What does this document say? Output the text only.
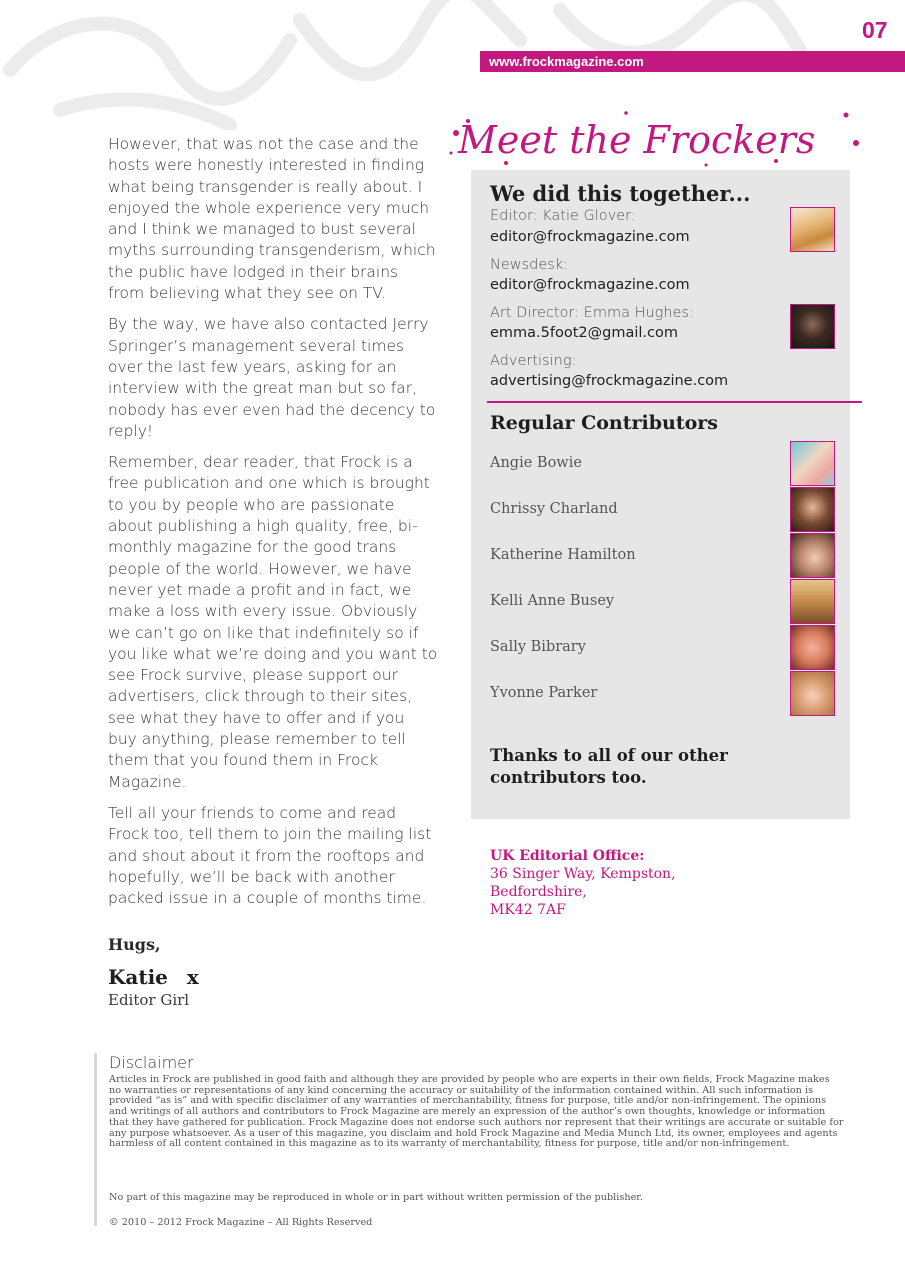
07
www.frockmagazine.com

However, that was not the case and the hosts were honestly interested in finding what being transgender is really about. I enjoyed the whole experience very much and I think we managed to bust several myths surrounding transgenderism, which the public have lodged in their brains from believing what they see on TV.

By the way, we have also contacted Jerry Springer’s management several times over the last few years, asking for an interview with the great man but so far, nobody has ever even had the decency to reply!

Remember, dear reader, that Frock is a free publication and one which is brought to you by people who are passionate about publishing a high quality, free, bi-monthly magazine for the good trans people of the world. However, we have never yet made a profit and in fact, we make a loss with every issue. Obviously we can’t go on like that indefinitely so if you like what we’re doing and you want to see Frock survive, please support our advertisers, click through to their sites, see what they have to offer and if you buy anything, please remember to tell them that you found them in Frock Magazine.

Tell all your friends to come and read Frock too, tell them to join the mailing list and shout about it from the rooftops and hopefully, we’ll be back with another packed issue in a couple of months time.

Hugs,
Katie x
Editor Girl
Meet the Frockers
We did this together...
Editor: Katie Glover:
editor@frockmagazine.com
Newsdesk:
editor@frockmagazine.com
Art Director: Emma Hughes:
emma.5foot2@gmail.com
Advertising:
advertising@frockmagazine.com
Regular Contributors
Angie Bowie
Chrissy Charland
Katherine Hamilton
Kelli Anne Busey
Sally Bibrary
Yvonne Parker
Thanks to all of our other contributors too.
UK Editorial Office:
36 Singer Way, Kempston,
Bedfordshire,
MK42 7AF
Disclaimer
Articles in Frock are published in good faith and although they are provided by people who are experts in their own fields, Frock Magazine makes no warranties or representations of any kind concerning the accuracy or suitability of the information contained within. All such information is provided “as is” and with specific disclaimer of any warranties of merchantability, fitness for purpose, title and/or non-infringement. The opinions and writings of all authors and contributors to Frock Magazine are merely an expression of the author’s own thoughts, knowledge or information that they have gathered for publication. Frock Magazine does not endorse such authors nor represent that their writings are accurate or suitable for any purpose whatsoever. As a user of this magazine, you disclaim and hold Frock Magazine and Media Munch Ltd, its owner, employees and agents harmless of all content contained in this magazine as to its warranty of merchantability, fitness for purpose, title and/or non-infringement.
No part of this magazine may be reproduced in whole or in part without written permission of the publisher.
© 2010 – 2012 Frock Magazine – All Rights Reserved
